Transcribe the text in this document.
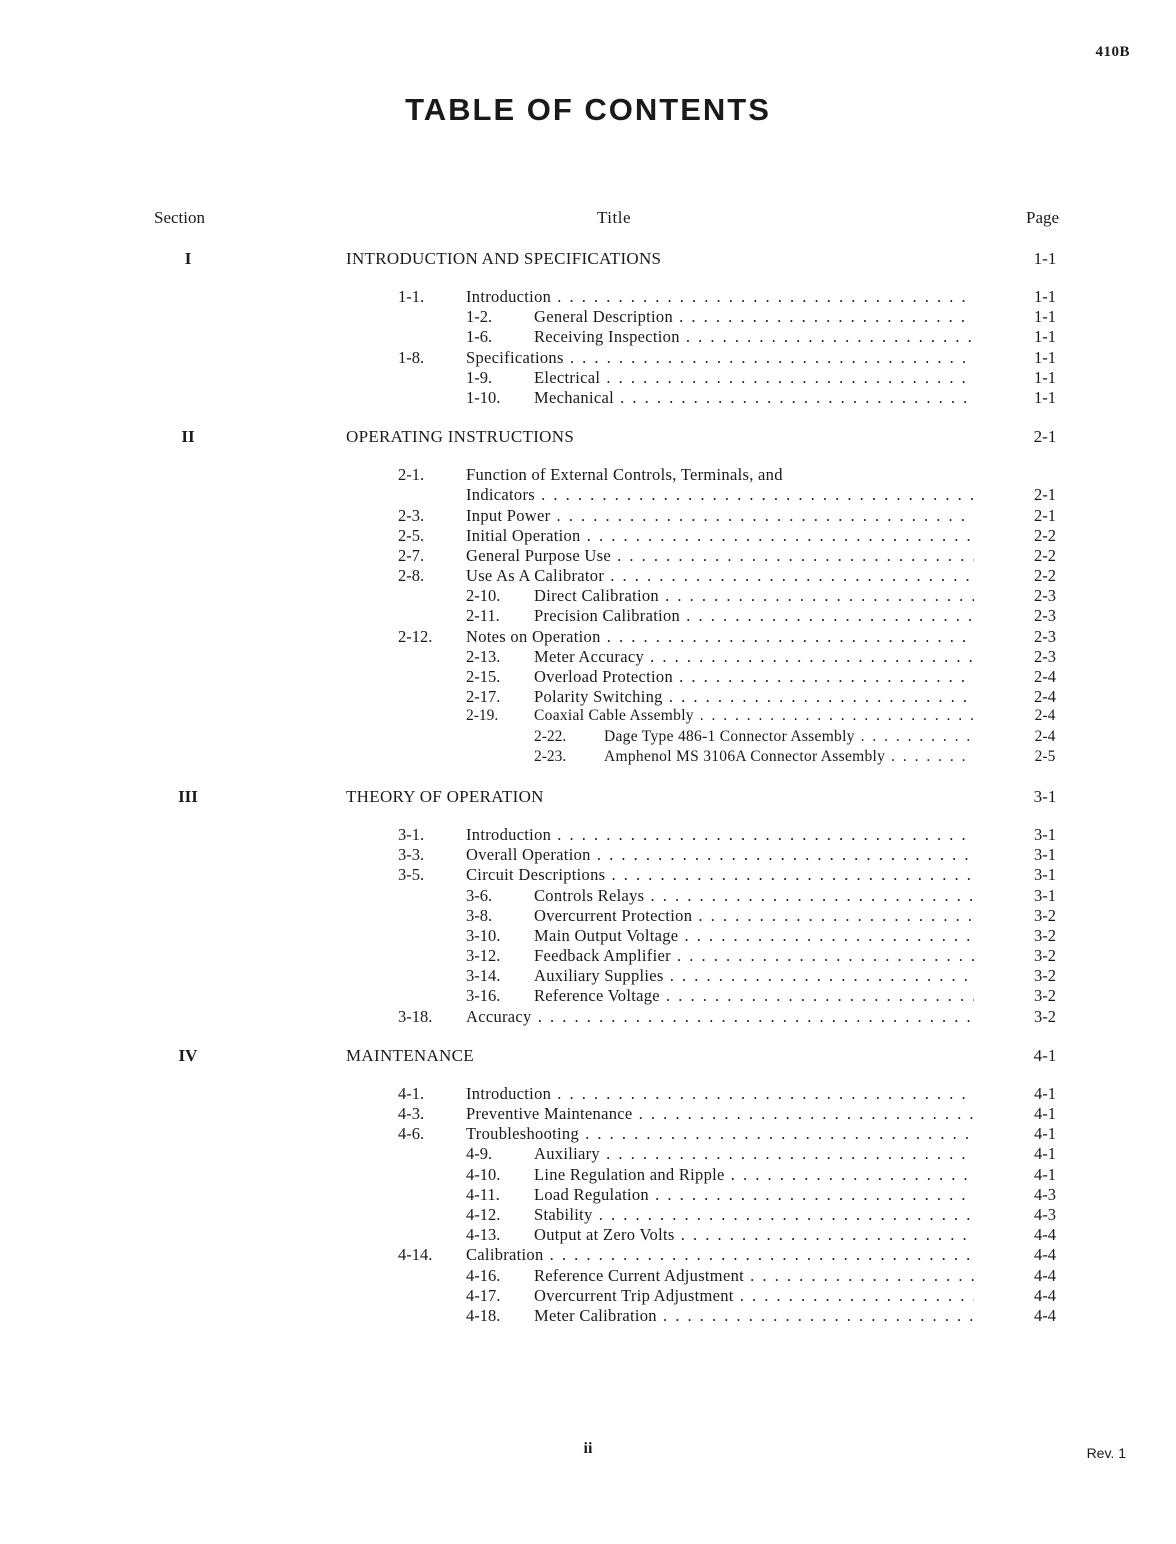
410B
TABLE OF CONTENTS
Section	Title	Page
I	INTRODUCTION AND SPECIFICATIONS	1-1
1-1.	Introduction . . .	1-1
1-2.	General Description . . .	1-1
1-6.	Receiving Inspection . . .	1-1
1-8.	Specifications . . .	1-1
1-9.	Electrical . . .	1-1
1-10. Mechanical . . .	1-1
II	OPERATING INSTRUCTIONS	2-1
2-1.	Function of External Controls, Terminals, and
Indicators . . .	2-1
2-3.	Input Power . . .	2-1
2-5.	Initial Operation . . .	2-2
2-7.	General Purpose Use . . .	2-2
2-8.	Use As A Calibrator . . .	2-2
2-10. Direct Calibration . . .	2-3
2-11. Precision Calibration . . .	2-3
2-12. Notes on Operation . . .	2-3
2-13. Meter Accuracy . . .	2-3
2-15. Overload Protection . . .	2-4
2-17. Polarity Switching . . .	2-4
2-19. Coaxial Cable Assembly . . .	2-4
2-22. Dage Type 486-1 Connector Assembly . . .	2-4
2-23. Amphenol MS 3106A Connector Assembly . . .	2-5
III	THEORY OF OPERATION	3-1
3-1.	Introduction . . .	3-1
3-3.	Overall Operation . . .	3-1
3-5.	Circuit Descriptions . . .	3-1
3-6.	Controls Relays . . .	3-1
3-8.	Overcurrent Protection . . .	3-2
3-10. Main Output Voltage . . .	3-2
3-12. Feedback Amplifier . . .	3-2
3-14. Auxiliary Supplies . . .	3-2
3-16. Reference Voltage . . .	3-2
3-18. Accuracy . . .	3-2
IV	MAINTENANCE	4-1
4-1.	Introduction . . .	4-1
4-3.	Preventive Maintenance . . .	4-1
4-6.	Troubleshooting . . .	4-1
4-9.	Auxiliary . . .	4-1
4-10. Line Regulation and Ripple . . .	4-1
4-11. Load Regulation . . .	4-3
4-12. Stability . . .	4-3
4-13. Output at Zero Volts . . .	4-4
4-14. Calibration . . .	4-4
4-16. Reference Current Adjustment . . .	4-4
4-17. Overcurrent Trip Adjustment . . .	4-4
4-18. Meter Calibration . . .	4-4
ii	Rev. 1
